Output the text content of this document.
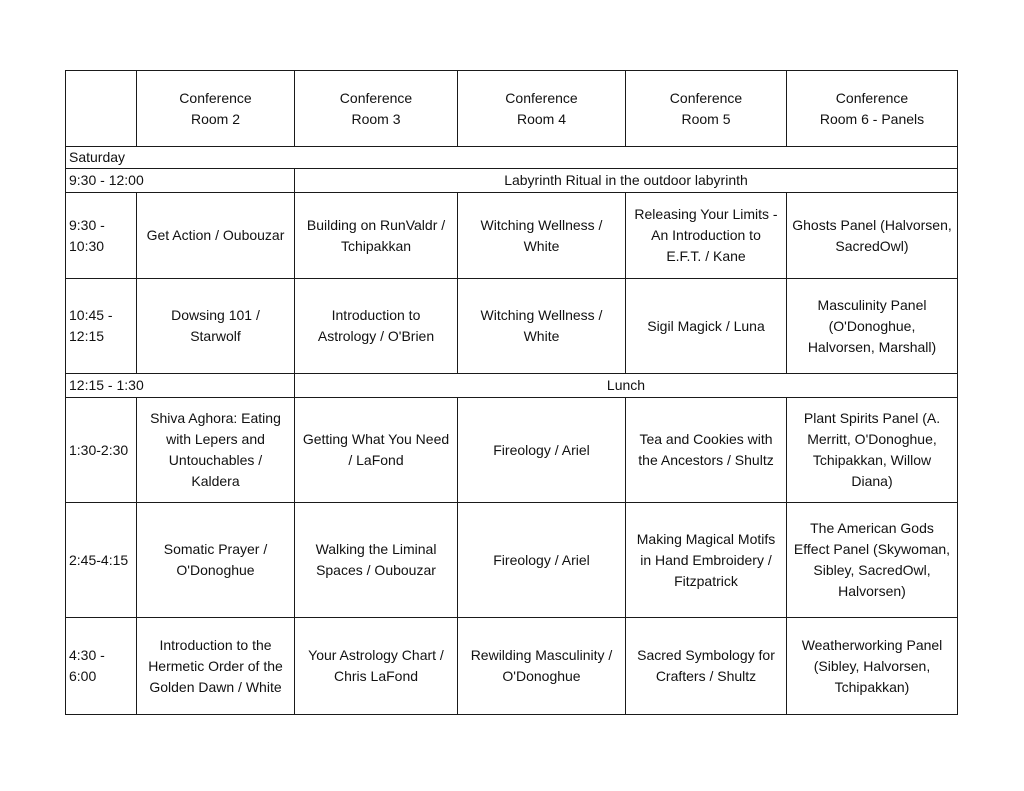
	Conference
Room 2	Conference
Room 3	Conference
Room 4	Conference
Room 5	Conference
Room 6 - Panels
Saturday					
9:30 - 12:00		Labyrinth Ritual in the outdoor labyrinth			
9:30 -
10:30	Get Action / Oubouzar	Building on RunValdr /
Tchipakkan	Witching Wellness /
White	Releasing Your Limits -
An Introduction to
E.F.T. / Kane	Ghosts Panel (Halvorsen,
SacredOwl)
10:45 -
12:15	Dowsing 101 /
Starwolf	Introduction to
Astrology / O'Brien	Witching Wellness /
White	Sigil Magick / Luna	Masculinity Panel
(O'Donoghue,
Halvorsen, Marshall)
12:15 - 1:30		Lunch			
1:30-2:30	Shiva Aghora: Eating
with Lepers and
Untouchables /
Kaldera	Getting What You Need
/ LaFond	Fireology / Ariel	Tea and Cookies with
the Ancestors / Shultz	Plant Spirits Panel (A.
Merritt, O'Donoghue,
Tchipakkan, Willow
Diana)
2:45-4:15	Somatic Prayer /
O'Donoghue	Walking the Liminal
Spaces / Oubouzar	Fireology / Ariel	Making Magical Motifs
in Hand Embroidery /
Fitzpatrick	The American Gods
Effect Panel (Skywoman,
Sibley, SacredOwl,
Halvorsen)
4:30 -
6:00	Introduction to the
Hermetic Order of the
Golden Dawn / White	Your Astrology Chart /
Chris LaFond	Rewilding Masculinity /
O'Donoghue	Sacred Symbology for
Crafters / Shultz	Weatherworking Panel
(Sibley, Halvorsen,
Tchipakkan)
